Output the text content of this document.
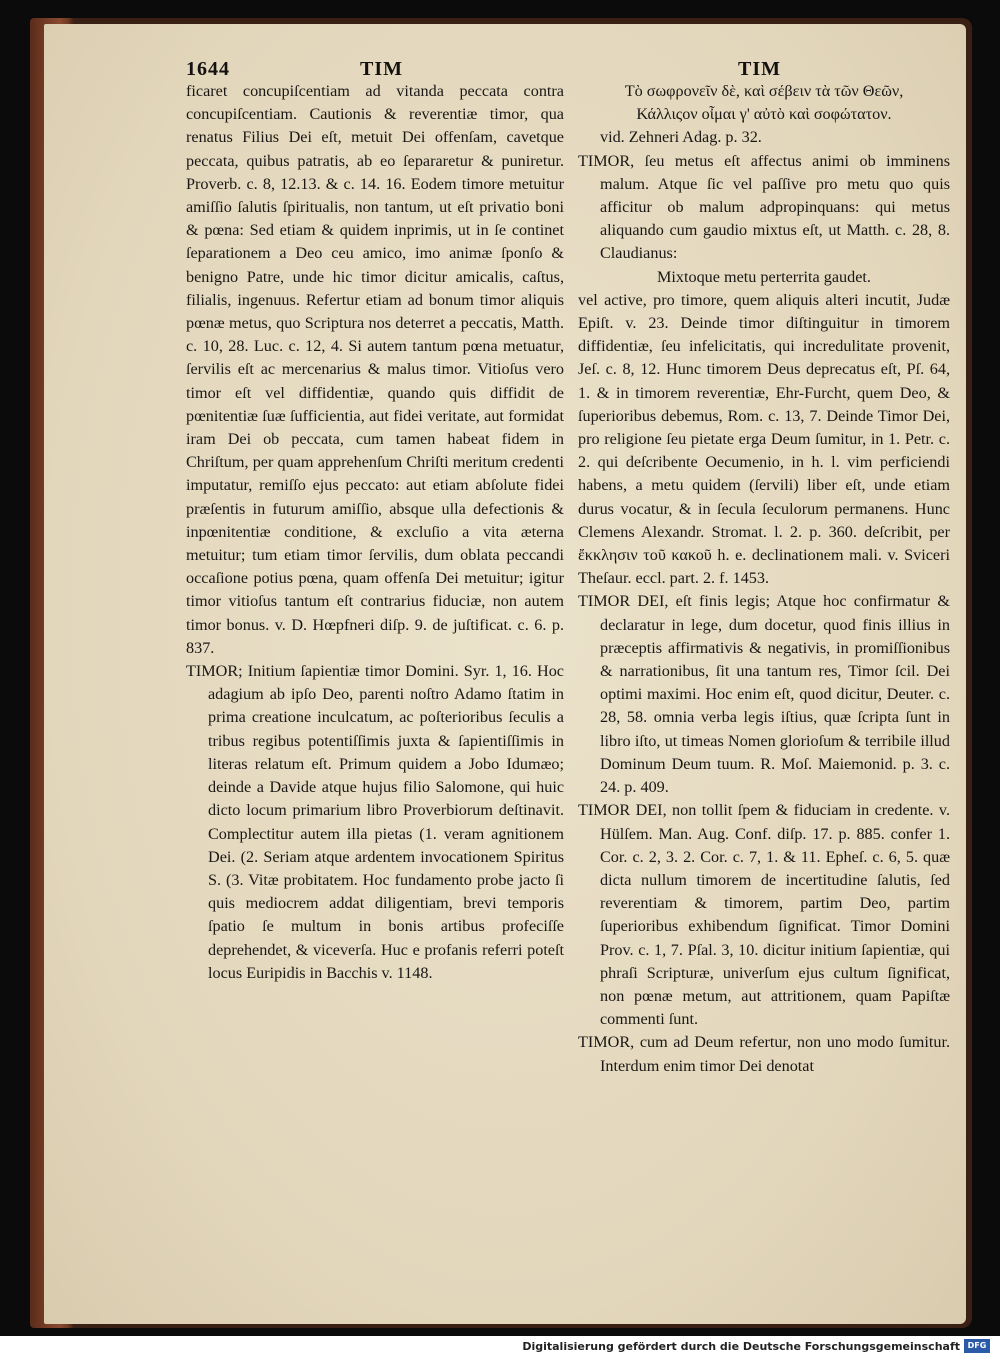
1644	TIM	TIM

ficaret concupiſcentiam ad vitanda peccata contra concupiſcentiam. Cautionis & reverentiæ timor, qua renatus Filius Dei eſt, metuit Dei offenſam, cavetque peccata, quibus patratis, ab eo ſepararetur & puniretur. Proverb. c. 8, 12.13. & c. 14. 16. Eodem timore metuitur amiſſio ſalutis ſpiritualis, non tantum, ut eſt privatio boni & pœna: Sed etiam & quidem inprimis, ut in ſe continet ſeparationem a Deo ceu amico, imo animæ ſponſo & benigno Patre, unde hic timor dicitur amicalis, caſtus, filialis, ingenuus. Refertur etiam ad bonum timor aliquis pœnæ metus, quo Scriptura nos deterret a peccatis, Matth. c. 10, 28. Luc. c. 12, 4. Si autem tantum pœna metuatur, ſervilis eſt ac mercenarius & malus timor. Vitioſus vero timor eſt vel diffidentiæ, quando quis diffidit de pœnitentiæ ſuæ ſufficientia, aut fidei veritate, aut formidat iram Dei ob peccata, cum tamen habeat fidem in Chriſtum, per quam apprehenſum Chriſti meritum credenti imputatur, remiſſo ejus peccato: aut etiam abſolute fidei præſentis in futurum amiſſio, absque ulla defectionis & inpœnitentiæ conditione, & excluſio a vita æterna metuitur; tum etiam timor ſervilis, dum oblata peccandi occaſione potius pœna, quam offenſa Dei metuitur; igitur timor vitioſus tantum eſt contrarius fiduciæ, non autem timor bonus. v. D. Hœpfneri diſp. 9. de juſtificat. c. 6. p. 837.

TIMOR; Initium ſapientiæ timor Domini. Syr. 1, 16. Hoc adagium ab ipſo Deo, parenti noſtro Adamo ſtatim in prima creatione inculcatum, ac poſterioribus ſeculis a tribus regibus potentiſſimis juxta & ſapientiſſimis in literas relatum eſt. Primum quidem a Jobo Idumæo; deinde a Davide atque hujus filio Salomone, qui huic dicto locum primarium libro Proverbiorum deſtinavit. Complectitur autem illa pietas (1. veram agnitionem Dei. (2. Seriam atque ardentem invocationem Spiritus S. (3. Vitæ probitatem. Hoc fundamento probe jacto ſi quis mediocrem addat diligentiam, brevi temporis ſpatio ſe multum in bonis artibus profeciſſe deprehendet, & viceverſa. Huc e profanis referri poteſt locus Euripidis in Bacchis v. 1148.

Τὸ σωφρονεῖν δὲ, καὶ σέβειν τὰ τῶν Θεῶν,

Κάλλιςον οἶμαι γ' αὐτὸ καὶ σοφώτατον.

vid. Zehneri Adag. p. 32.

TIMOR, ſeu metus eſt affectus animi ob imminens malum. Atque ſic vel paſſive pro metu quo quis afficitur ob malum adpropinquans: qui metus aliquando cum gaudio mixtus eſt, ut Matth. c. 28, 8. Claudianus:

Mixtoque metu perterrita gaudet.

vel active, pro timore, quem aliquis alteri incutit, Judæ Epiſt. v. 23. Deinde timor diſtinguitur in timorem diffidentiæ, ſeu infelicitatis, qui incredulitate provenit, Jeſ. c. 8, 12. Hunc timorem Deus deprecatus eſt, Pſ. 64, 1. & in timorem reverentiæ, Ehr-Furcht, quem Deo, & ſuperioribus debemus, Rom. c. 13, 7. Deinde Timor Dei, pro religione ſeu pietate erga Deum ſumitur, in 1. Petr. c. 2. qui deſcribente Oecumenio, in h. l. vim perficiendi habens, a metu quidem (ſervili) liber eſt, unde etiam durus vocatur, & in ſecula ſeculorum permanens. Hunc Clemens Alexandr. Stromat. l. 2. p. 360. deſcribit, per ἔκκλησιν τοῦ κακοῦ h. e. declinationem mali. v. Sviceri Theſaur. eccl. part. 2. f. 1453.

TIMOR DEI, eſt finis legis; Atque hoc confirmatur & declaratur in lege, dum docetur, quod finis illius in præceptis affirmativis & negativis, in promiſſionibus & narrationibus, ſit una tantum res, Timor ſcil. Dei optimi maximi. Hoc enim eſt, quod dicitur, Deuter. c. 28, 58. omnia verba legis iſtius, quæ ſcripta ſunt in libro iſto, ut timeas Nomen glorioſum & terribile illud Dominum Deum tuum. R. Moſ. Maiemonid. p. 3. c. 24. p. 409.

TIMOR DEI, non tollit ſpem & fiduciam in credente. v. Hülſem. Man. Aug. Conf. diſp. 17. p. 885. confer 1. Cor. c. 2, 3. 2. Cor. c. 7, 1. & 11. Epheſ. c. 6, 5. quæ dicta nullum timorem de incertitudine ſalutis, ſed reverentiam & timorem, partim Deo, partim ſuperioribus exhibendum ſignificat. Timor Domini Prov. c. 1, 7. Pſal. 3, 10. dicitur initium ſapientiæ, qui phraſi Scripturæ, univerſum ejus cultum ſignificat, non pœnæ metum, aut attritionem, quam Papiſtæ commenti ſunt.

TIMOR, cum ad Deum refertur, non uno modo ſumitur. Interdum enim timor Dei denotat

Digitalisierung gefördert durch die Deutsche Forschungsgemeinschaft DFG
